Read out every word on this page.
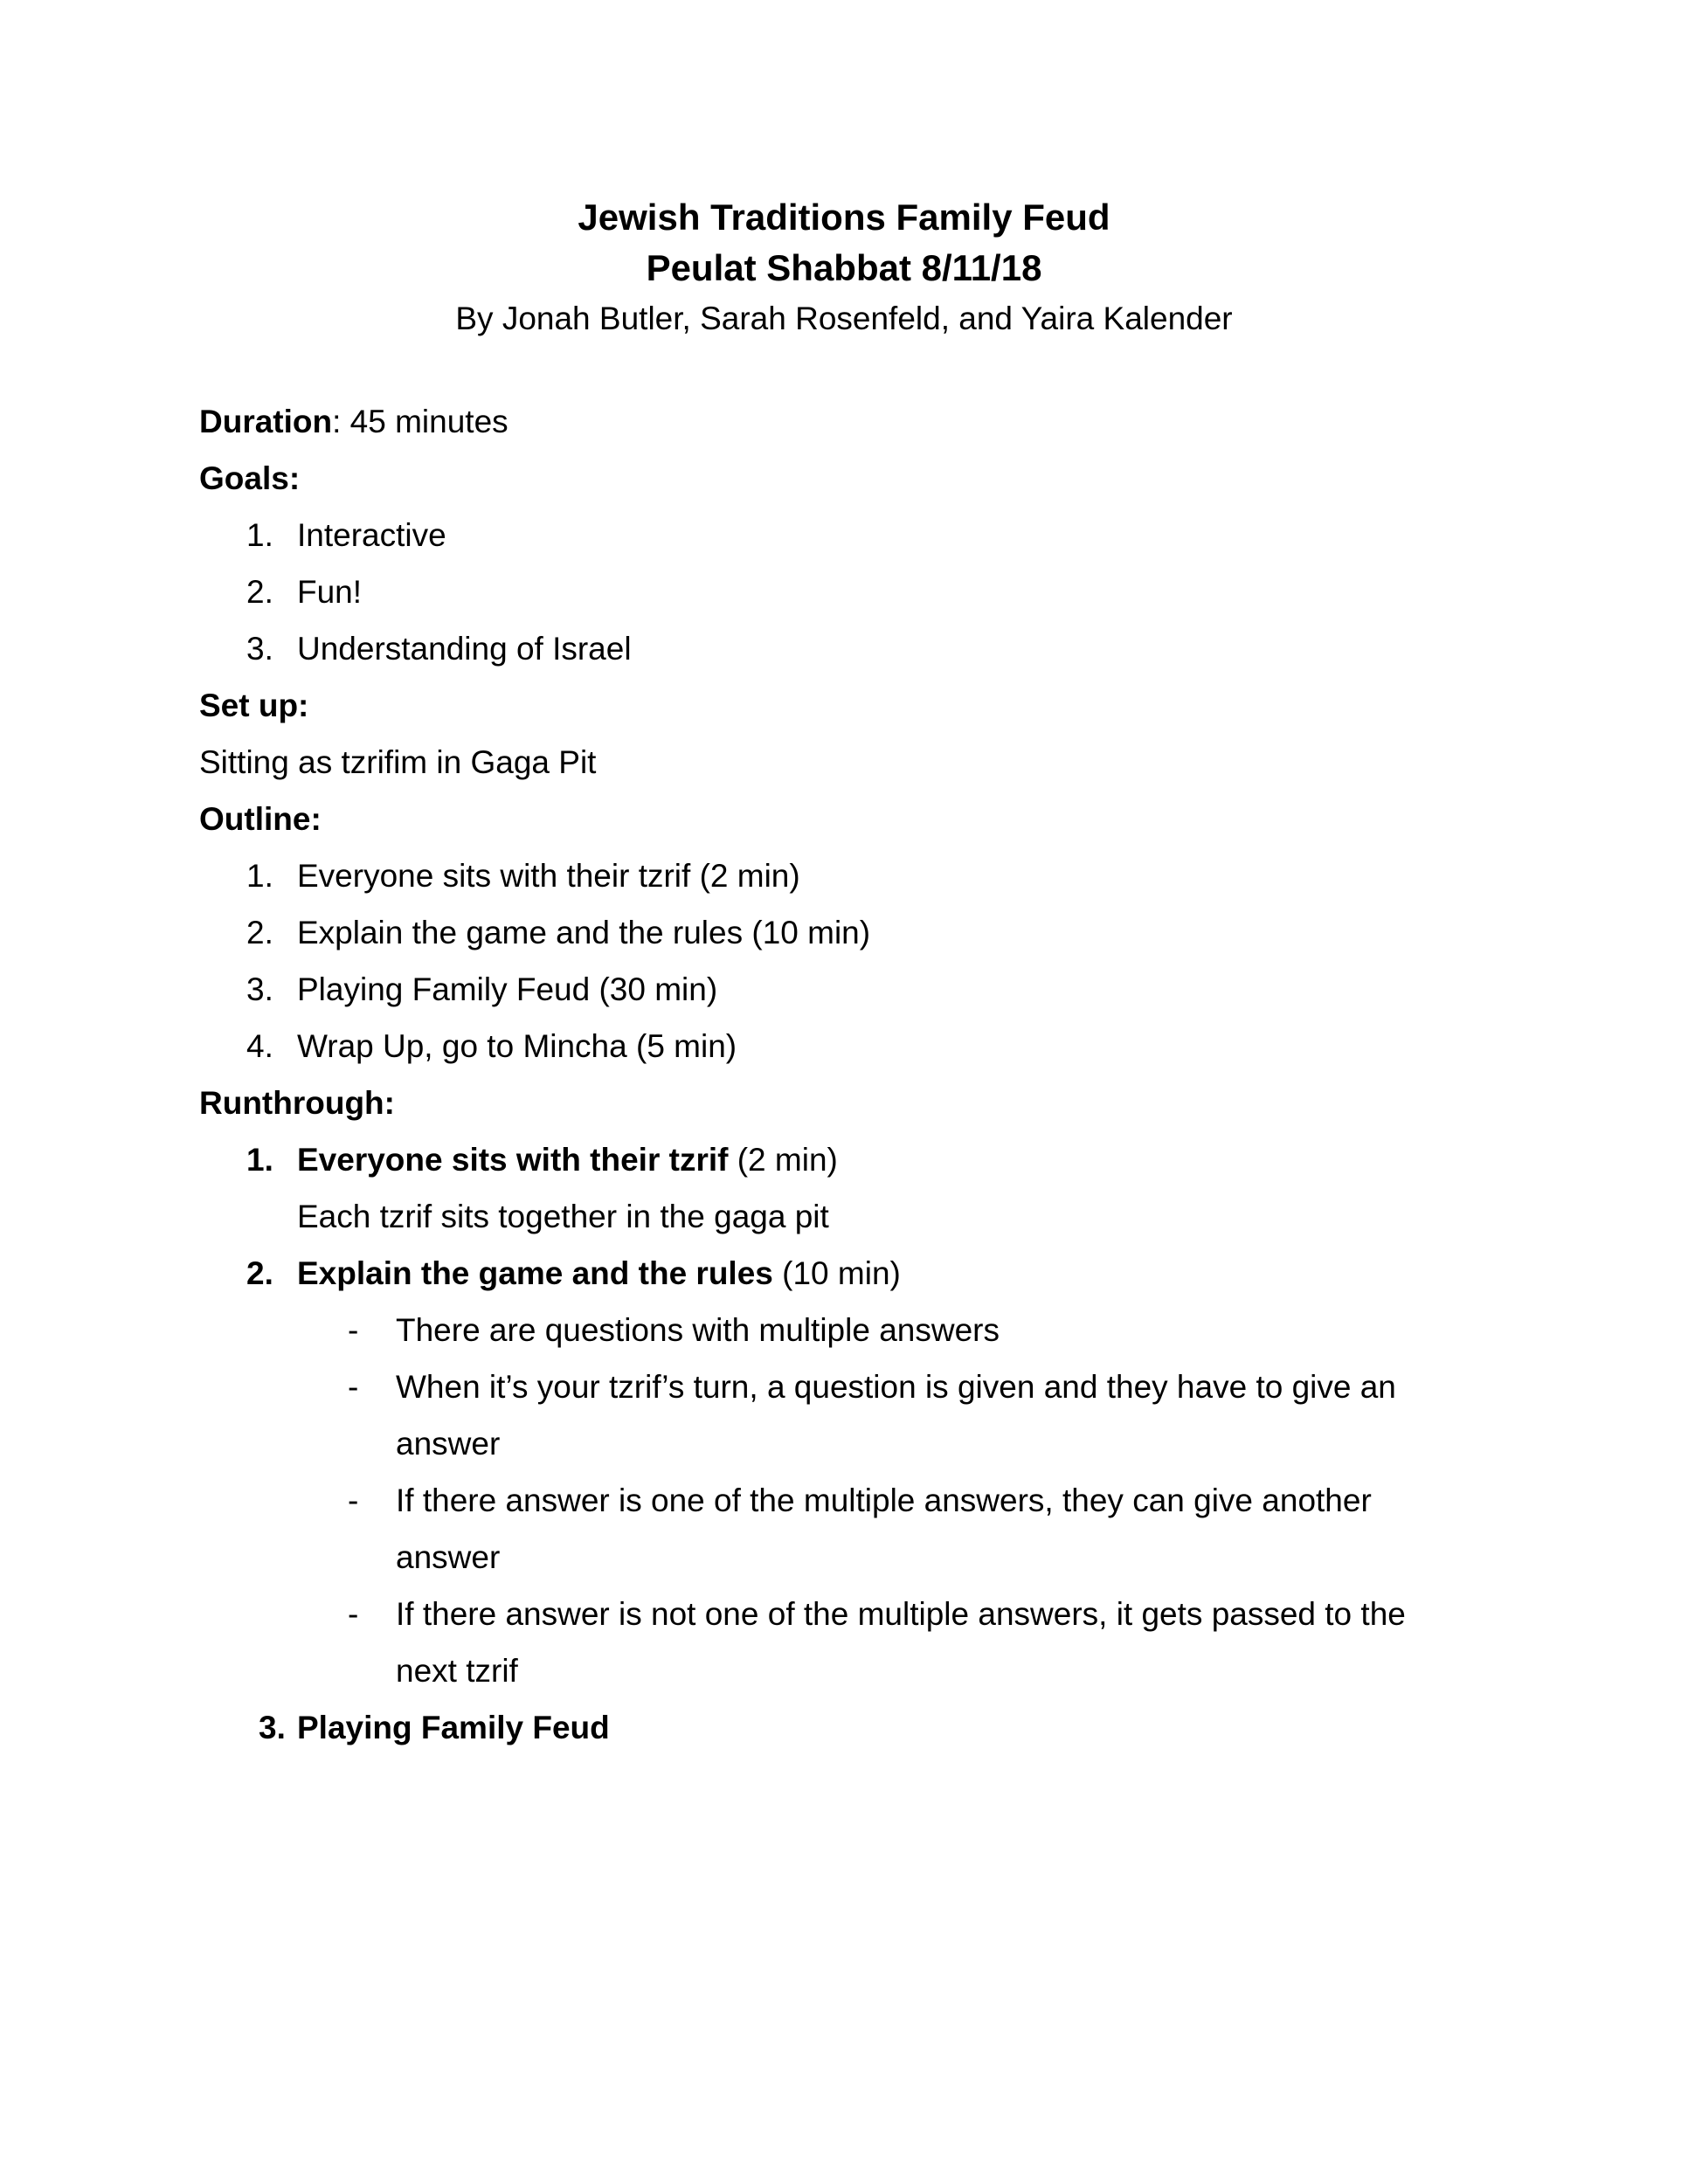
Jewish Traditions Family Feud
Peulat Shabbat 8/11/18
By Jonah Butler, Sarah Rosenfeld, and Yaira Kalender
Duration: 45 minutes
Goals:
1. Interactive
2. Fun!
3. Understanding of Israel
Set up:
Sitting as tzrifim in Gaga Pit
Outline:
1. Everyone sits with their tzrif (2 min)
2. Explain the game and the rules (10 min)
3. Playing Family Feud (30 min)
4. Wrap Up, go to Mincha (5 min)
Runthrough:
1. Everyone sits with their tzrif (2 min)
Each tzrif sits together in the gaga pit
2. Explain the game and the rules (10 min)
- There are questions with multiple answers
- When it’s your tzrif’s turn, a question is given and they have to give an
answer
- If there answer is one of the multiple answers, they can give another
answer
- If there answer is not one of the multiple answers, it gets passed to the
next tzrif
3. Playing Family Feud
